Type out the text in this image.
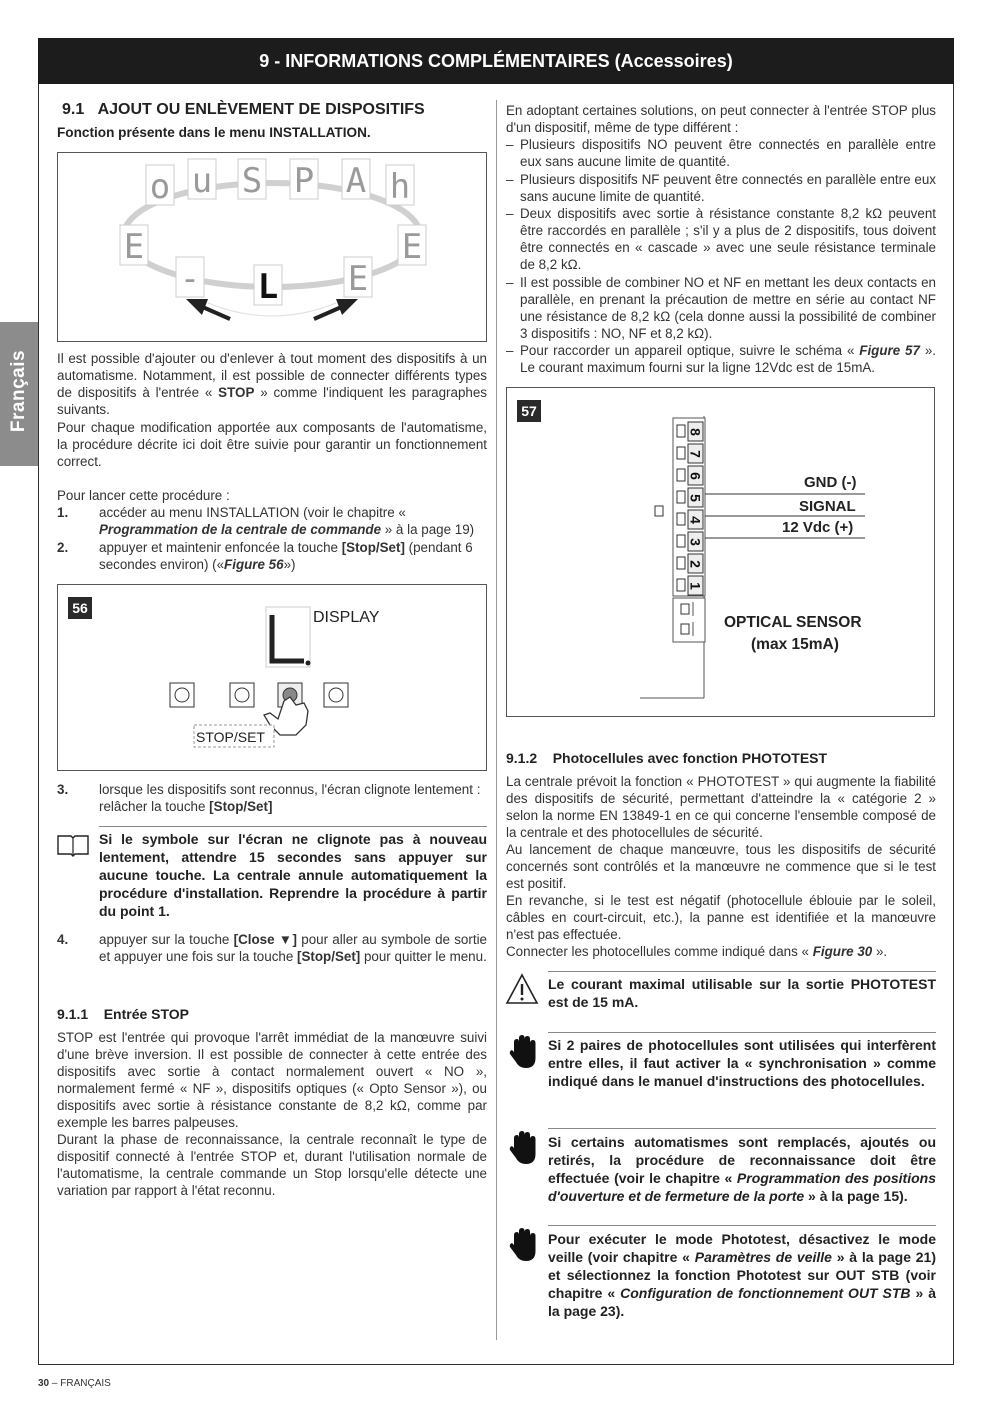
9 - INFORMATIONS COMPLÉMENTAIRES (Accessoires)
Français
9.1   AJOUT OU ENLÈVEMENT DE DISPOSITIFS
Fonction présente dans le menu INSTALLATION.
o u S P A h
E	E
- L E
Il est possible d'ajouter ou d'enlever à tout moment des dispositifs à un automatisme. Notamment, il est possible de connecter différents types de dispositifs à l'entrée « STOP » comme l'indiquent les paragraphes suivants.
Pour chaque modification apportée aux composants de l'automatisme, la procédure décrite ici doit être suivie pour garantir un fonctionnement correct.
Pour lancer cette procédure :
1. accéder au menu INSTALLATION (voir le chapitre « Programmation de la centrale de commande » à la page 19)
2. appuyer et maintenir enfoncée la touche [Stop/Set] (pendant 6 secondes environ) («Figure 56»)
56
DISPLAY
STOP/SET
3. lorsque les dispositifs sont reconnus, l'écran clignote lentement : relâcher la touche [Stop/Set]
Si le symbole sur l'écran ne clignote pas à nouveau lentement, attendre 15 secondes sans appuyer sur aucune touche. La centrale annule automatiquement la procédure d'installation. Reprendre la procédure à partir du point 1.
4. appuyer sur la touche [Close ▼] pour aller au symbole de sortie et appuyer une fois sur la touche [Stop/Set] pour quitter le menu.
9.1.1    Entrée STOP
STOP est l'entrée qui provoque l'arrêt immédiat de la manœuvre suivi d'une brève inversion. Il est possible de connecter à cette entrée des dispositifs avec sortie à contact normalement ouvert « NO », normalement fermé « NF », dispositifs optiques (« Opto Sensor »), ou dispositifs avec sortie à résistance constante de 8,2 kΩ, comme par exemple les barres palpeuses.
Durant la phase de reconnaissance, la centrale reconnaît le type de dispositif connecté à l'entrée STOP et, durant l'utilisation normale de l'automatisme, la centrale commande un Stop lorsqu'elle détecte une variation par rapport à l'état reconnu.
En adoptant certaines solutions, on peut connecter à l'entrée STOP plus d'un dispositif, même de type différent :
– Plusieurs dispositifs NO peuvent être connectés en parallèle entre eux sans aucune limite de quantité.
– Plusieurs dispositifs NF peuvent être connectés en parallèle entre eux sans aucune limite de quantité.
– Deux dispositifs avec sortie à résistance constante 8,2 kΩ peuvent être raccordés en parallèle ; s'il y a plus de 2 dispositifs, tous doivent être connectés en « cascade » avec une seule résistance terminale de 8,2 kΩ.
– Il est possible de combiner NO et NF en mettant les deux contacts en parallèle, en prenant la précaution de mettre en série au contact NF une résistance de 8,2 kΩ (cela donne aussi la possibilité de combiner 3 dispositifs : NO, NF et 8,2 kΩ).
– Pour raccorder un appareil optique, suivre le schéma « Figure 57 ». Le courant maximum fourni sur la ligne 12Vdc est de 15mA.
57
8
7
6
5
4
3
2
1
GND (-)
SIGNAL
12 Vdc (+)
OPTICAL SENSOR
(max 15mA)
9.1.2    Photocellules avec fonction PHOTOTEST
La centrale prévoit la fonction « PHOTOTEST » qui augmente la fiabilité des dispositifs de sécurité, permettant d'atteindre la « catégorie 2 » selon la norme EN 13849-1 en ce qui concerne l'ensemble composé de la centrale et des photocellules de sécurité.
Au lancement de chaque manœuvre, tous les dispositifs de sécurité concernés sont contrôlés et la manœuvre ne commence que si le test est positif.
En revanche, si le test est négatif (photocellule éblouie par le soleil, câbles en court-circuit, etc.), la panne est identifiée et la manœuvre n'est pas effectuée.
Connecter les photocellules comme indiqué dans « Figure 30 ».
Le courant maximal utilisable sur la sortie PHOTOTEST est de 15 mA.
Si 2 paires de photocellules sont utilisées qui interfèrent entre elles, il faut activer la « synchronisation » comme indiqué dans le manuel d'instructions des photocellules.
Si certains automatismes sont remplacés, ajoutés ou retirés, la procédure de reconnaissance doit être effectuée (voir le chapitre « Programmation des positions d'ouverture et de fermeture de la porte » à la page 15).
Pour exécuter le mode Phototest, désactivez le mode veille (voir chapitre « Paramètres de veille » à la page 21) et sélectionnez la fonction Phototest sur OUT STB (voir chapitre « Configuration de fonctionnement OUT STB » à la page 23).
30 – FRANÇAIS
